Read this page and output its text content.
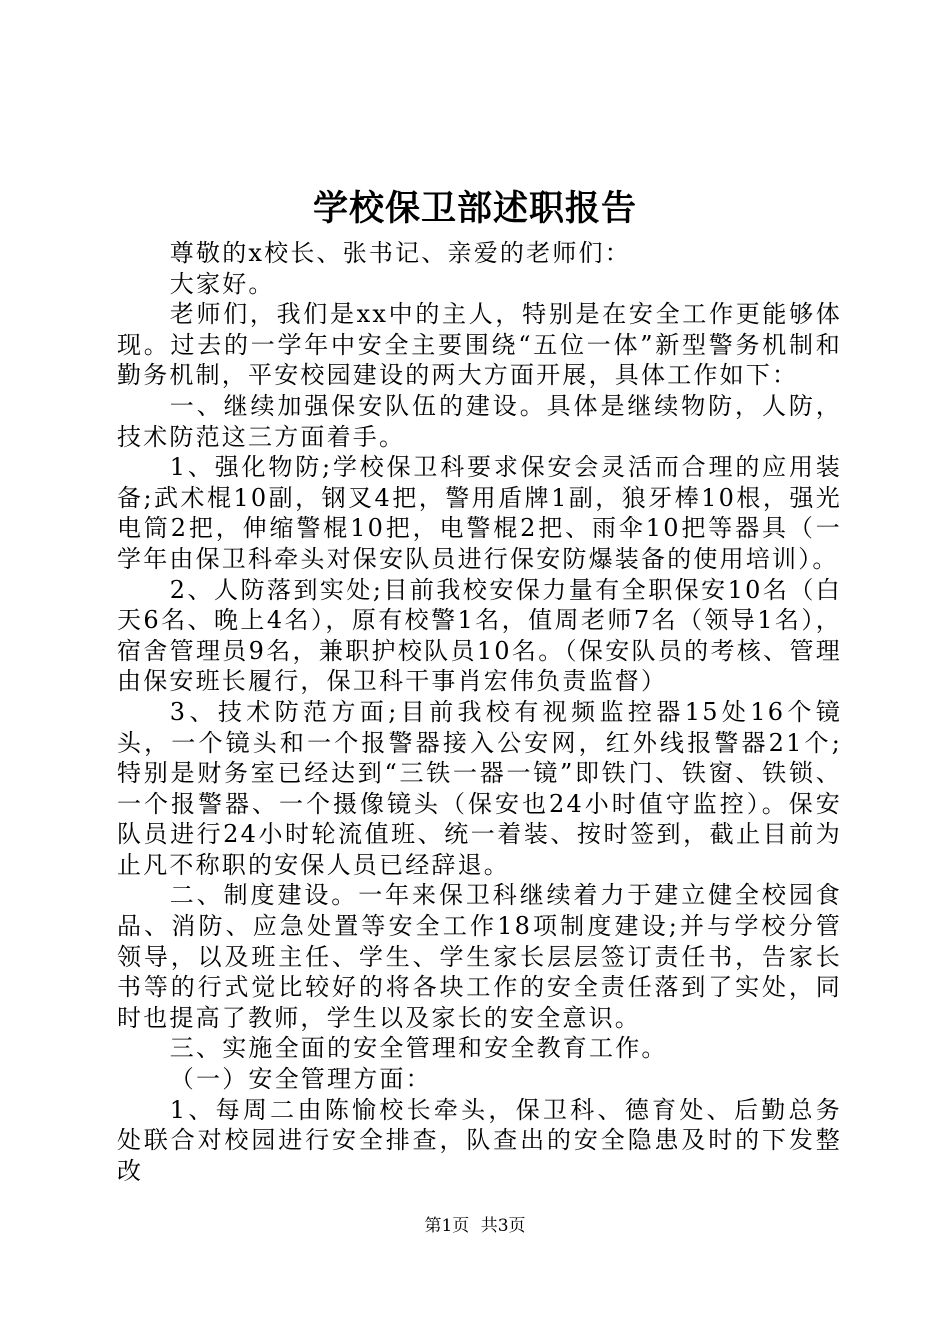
学校保卫部述职报告

尊敬的x校长、张书记、亲爱的老师们：

大家好。

老师们，我们是xx中的主人，特别是在安全工作更能够体现。过去的一学年中安全主要围绕“五位一体”新型警务机制和勤务机制，平安校园建设的两大方面开展，具体工作如下：

一、继续加强保安队伍的建设。具体是继续物防，人防，技术防范这三方面着手。

1、强化物防;学校保卫科要求保安会灵活而合理的应用装备;武术棍10副，钢叉4把，警用盾牌1副，狼牙棒10根，强光电筒2把，伸缩警棍10把，电警棍2把、雨伞10把等器具（一学年由保卫科牵头对保安队员进行保安防爆装备的使用培训）。

2、人防落到实处;目前我校安保力量有全职保安10名（白天6名、晚上4名），原有校警1名，值周老师7名（领导1名），宿舍管理员9名，兼职护校队员10名。（保安队员的考核、管理由保安班长履行，保卫科干事肖宏伟负责监督）

3、技术防范方面;目前我校有视频监控器15处16个镜头，一个镜头和一个报警器接入公安网，红外线报警器21个;特别是财务室已经达到“三铁一器一镜”即铁门、铁窗、铁锁、一个报警器、一个摄像镜头（保安也24小时值守监控）。保安队员进行24小时轮流值班、统一着装、按时签到，截止目前为止凡不称职的安保人员已经辞退。

二、制度建设。一年来保卫科继续着力于建立健全校园食品、消防、应急处置等安全工作18项制度建设;并与学校分管领导，以及班主任、学生、学生家长层层签订责任书，告家长书等的行式觉比较好的将各块工作的安全责任落到了实处，同时也提高了教师，学生以及家长的安全意识。

三、实施全面的安全管理和安全教育工作。

（一）安全管理方面：

1、每周二由陈愉校长牵头，保卫科、德育处、后勤总务处联合对校园进行安全排查，队查出的安全隐患及时的下发整改

第1页 共3页
